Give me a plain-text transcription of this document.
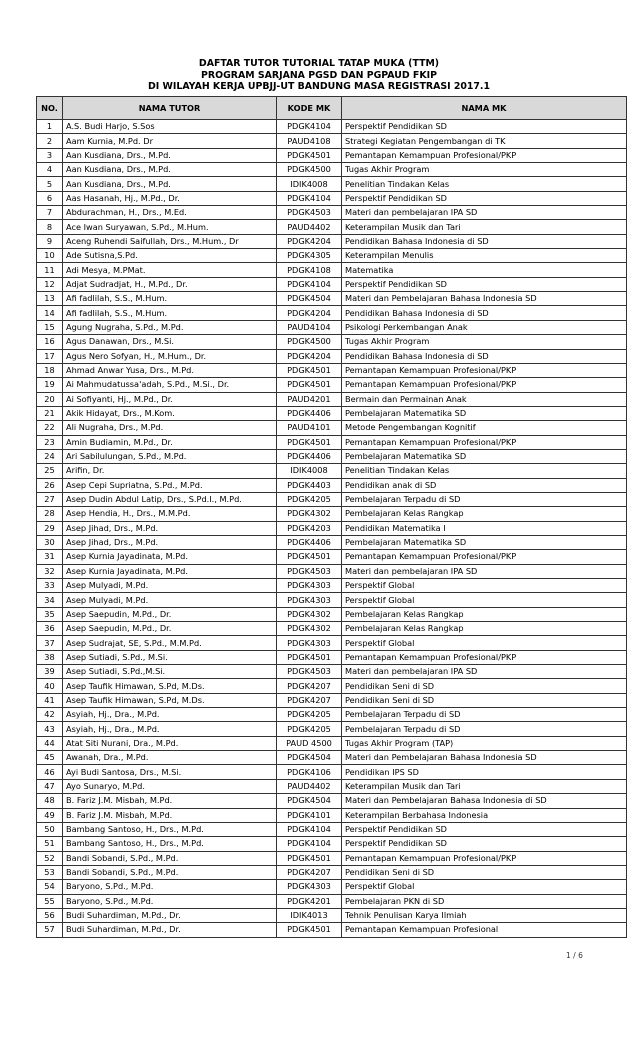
DAFTAR TUTOR TUTORIAL TATAP MUKA (TTM)
PROGRAM SARJANA PGSD DAN PGPAUD FKIP
DI WILAYAH KERJA UPBJJ-UT BANDUNG MASA REGISTRASI 2017.1
NO.	NAMA TUTOR	KODE MK	NAMA MK
1	A.S. Budi Harjo, S.Sos	PDGK4104	Perspektif Pendidikan SD
2	Aam Kurnia, M.Pd. Dr	PAUD4108	Strategi Kegiatan Pengembangan di TK
3	Aan Kusdiana, Drs., M.Pd.	PDGK4501	Pemantapan Kemampuan Profesional/PKP
4	Aan Kusdiana, Drs., M.Pd.	PDGK4500	Tugas Akhir Program
5	Aan Kusdiana, Drs., M.Pd.	IDIK4008	Penelitian Tindakan Kelas
6	Aas Hasanah, Hj., M.Pd., Dr.	PDGK4104	Perspektif Pendidikan SD
7	Abdurachman, H., Drs., M.Ed.	PDGK4503	Materi dan pembelajaran IPA SD
8	Ace Iwan Suryawan, S.Pd., M.Hum.	PAUD4402	Keterampilan Musik dan Tari
9	Aceng Ruhendi Saifullah, Drs., M.Hum., Dr	PDGK4204	Pendidikan Bahasa Indonesia di SD
10	Ade Sutisna,S.Pd.	PDGK4305	Keterampilan Menulis
11	Adi Mesya, M.PMat.	PDGK4108	Matematika
12	Adjat Sudradjat, H., M.Pd., Dr.	PDGK4104	Perspektif Pendidikan SD
13	Afi fadlilah, S.S., M.Hum.	PDGK4504	Materi dan Pembelajaran Bahasa Indonesia SD
14	Afi fadlilah, S.S., M.Hum.	PDGK4204	Pendidikan Bahasa Indonesia di SD
15	Agung Nugraha, S.Pd., M.Pd.	PAUD4104	Psikologi Perkembangan Anak
16	Agus Danawan, Drs., M.Si.	PDGK4500	Tugas Akhir Program
17	Agus Nero Sofyan, H., M.Hum., Dr.	PDGK4204	Pendidikan Bahasa Indonesia di SD
18	Ahmad Anwar Yusa, Drs., M.Pd.	PDGK4501	Pemantapan Kemampuan Profesional/PKP
19	Ai Mahmudatussa'adah, S.Pd., M.Si., Dr.	PDGK4501	Pemantapan Kemampuan Profesional/PKP
20	Ai Sofiyanti, Hj., M.Pd., Dr.	PAUD4201	Bermain dan Permainan Anak
21	Akik Hidayat, Drs., M.Kom.	PDGK4406	Pembelajaran Matematika SD
22	Ali Nugraha, Drs., M.Pd.	PAUD4101	Metode Pengembangan Kognitif
23	Amin Budiamin, M.Pd., Dr.	PDGK4501	Pemantapan Kemampuan Profesional/PKP
24	Ari Sabilulungan, S.Pd., M.Pd.	PDGK4406	Pembelajaran Matematika SD
25	Arifin, Dr.	IDIK4008	Penelitian Tindakan Kelas
26	Asep Cepi Supriatna, S.Pd., M.Pd.	PDGK4403	Pendidikan anak di SD
27	Asep Dudin Abdul Latip, Drs., S.Pd.I., M.Pd.	PDGK4205	Pembelajaran Terpadu di SD
28	Asep Hendia, H., Drs., M.M.Pd.	PDGK4302	Pembelajaran Kelas Rangkap
29	Asep Jihad, Drs., M.Pd.	PDGK4203	Pendidikan Matematika I
30	Asep Jihad, Drs., M.Pd.	PDGK4406	Pembelajaran Matematika SD
31	Asep Kurnia Jayadinata, M.Pd.	PDGK4501	Pemantapan Kemampuan Profesional/PKP
32	Asep Kurnia Jayadinata, M.Pd.	PDGK4503	Materi dan pembelajaran IPA SD
33	Asep Mulyadi, M.Pd.	PDGK4303	Perspektif Global
34	Asep Mulyadi, M.Pd.	PDGK4303	Perspektif Global
35	Asep Saepudin, M.Pd., Dr.	PDGK4302	Pembelajaran Kelas Rangkap
36	Asep Saepudin, M.Pd., Dr.	PDGK4302	Pembelajaran Kelas Rangkap
37	Asep Sudrajat, SE, S.Pd., M.M.Pd.	PDGK4303	Perspektif Global
38	Asep Sutiadi, S.Pd., M.Si.	PDGK4501	Pemantapan Kemampuan Profesional/PKP
39	Asep Sutiadi, S.Pd.,M.Si.	PDGK4503	Materi dan pembelajaran IPA SD
40	Asep Taufik Himawan, S.Pd, M.Ds.	PDGK4207	Pendidikan Seni di SD
41	Asep Taufik Himawan, S.Pd, M.Ds.	PDGK4207	Pendidikan Seni di SD
42	Asyiah, Hj., Dra., M.Pd.	PDGK4205	Pembelajaran Terpadu di SD
43	Asyiah, Hj., Dra., M.Pd.	PDGK4205	Pembelajaran Terpadu di SD
44	Atat Siti Nurani, Dra., M.Pd.	PAUD 4500	Tugas Akhir Program (TAP)
45	Awanah, Dra., M.Pd.	PDGK4504	Materi dan Pembelajaran Bahasa Indonesia SD
46	Ayi Budi Santosa, Drs., M.Si.	PDGK4106	Pendidikan IPS SD
47	Ayo Sunaryo, M.Pd.	PAUD4402	Keterampilan Musik dan Tari
48	B. Fariz J.M. Misbah, M.Pd.	PDGK4504	Materi dan Pembelajaran Bahasa Indonesia di SD
49	B. Fariz J.M. Misbah, M.Pd.	PDGK4101	Keterampilan Berbahasa Indonesia
50	Bambang Santoso, H., Drs., M.Pd.	PDGK4104	Perspektif Pendidikan SD
51	Bambang Santoso, H., Drs., M.Pd.	PDGK4104	Perspektif Pendidikan SD
52	Bandi Sobandi, S.Pd., M.Pd.	PDGK4501	Pemantapan Kemampuan Profesional/PKP
53	Bandi Sobandi, S.Pd., M.Pd.	PDGK4207	Pendidikan Seni di SD
54	Baryono, S.Pd., M.Pd.	PDGK4303	Perspektif Global
55	Baryono, S.Pd., M.Pd.	PDGK4201	Pembelajaran PKN di SD
56	Budi Suhardiman, M.Pd., Dr.	IDIK4013	Tehnik Penulisan Karya Ilmiah
57	Budi Suhardiman, M.Pd., Dr.	PDGK4501	Pemantapan Kemampuan Profesional
1 / 6
